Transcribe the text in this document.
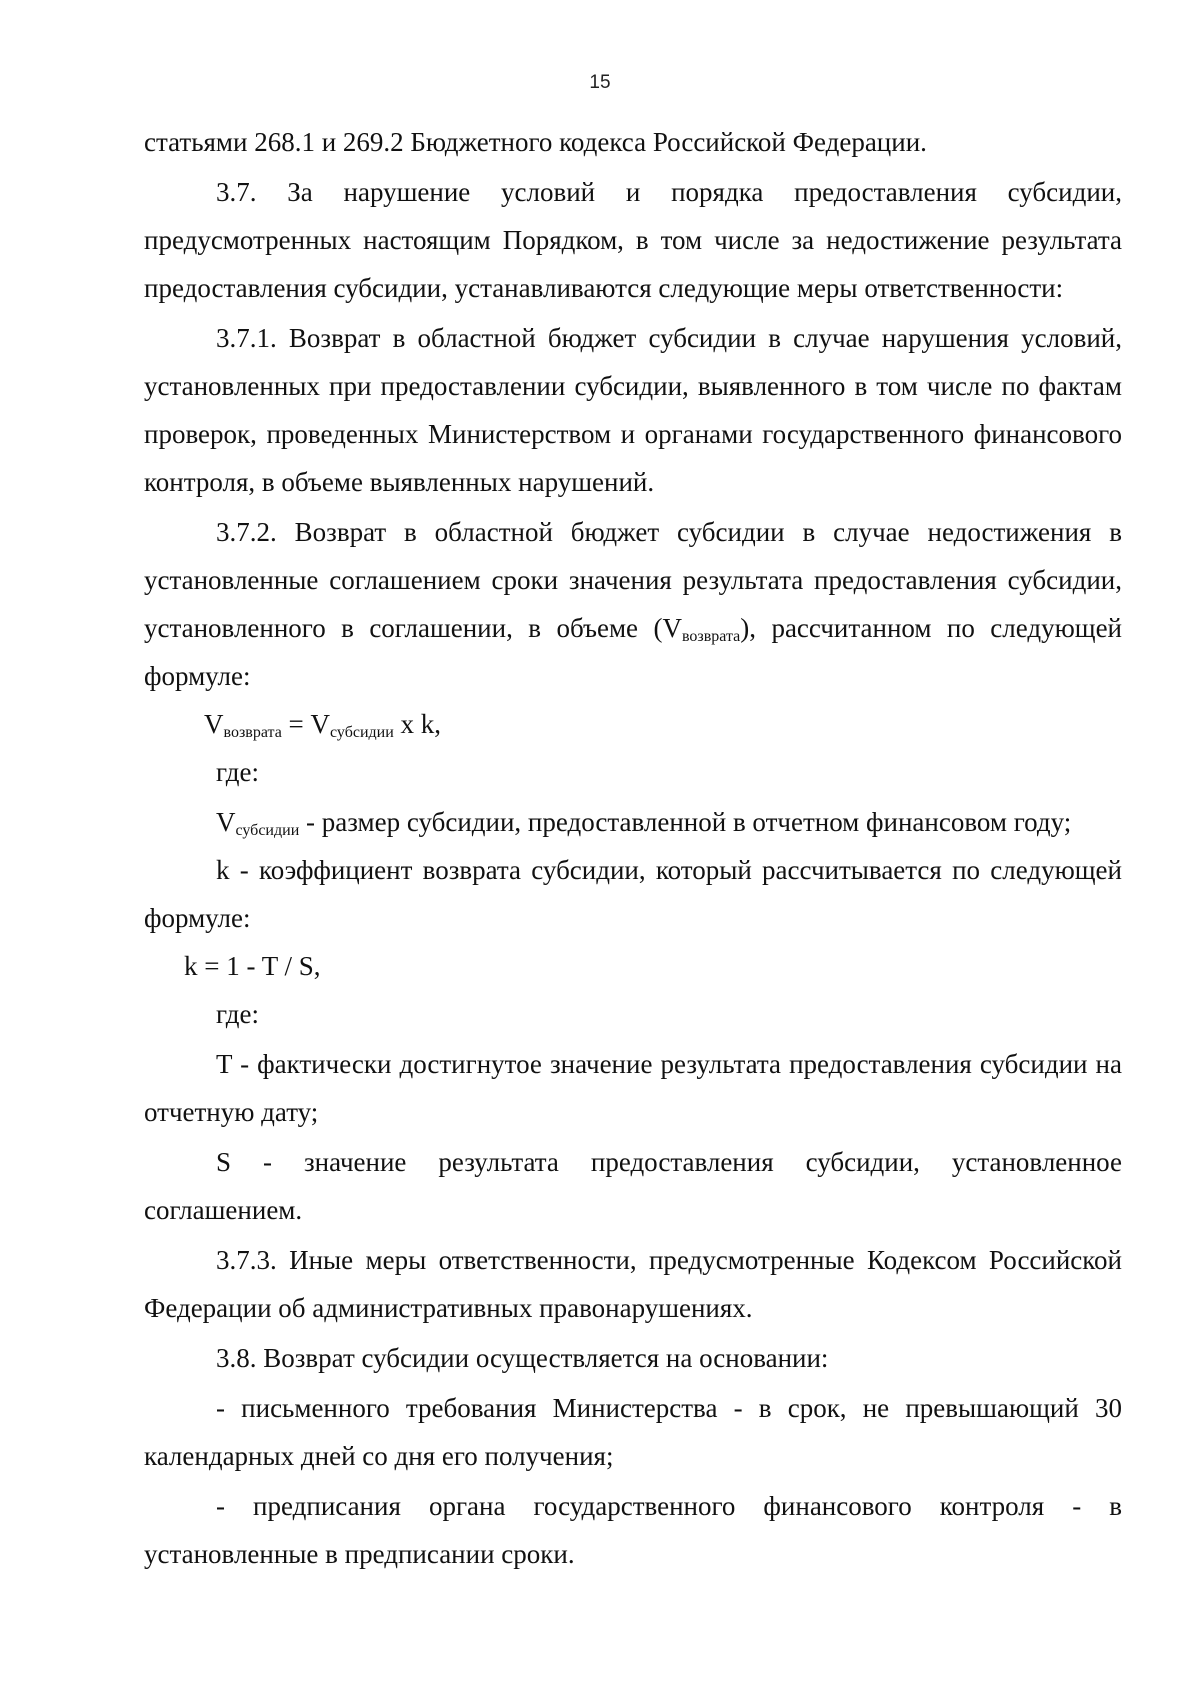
15

статьями 268.1 и 269.2 Бюджетного кодекса Российской Федерации.

3.7. За нарушение условий и порядка предоставления субсидии, предусмотренных настоящим Порядком, в том числе за недостижение результата предоставления субсидии, устанавливаются следующие меры ответственности:

3.7.1. Возврат в областной бюджет субсидии в случае нарушения условий, установленных при предоставлении субсидии, выявленного в том числе по фактам проверок, проведенных Министерством и органами государственного финансового контроля, в объеме выявленных нарушений.

3.7.2. Возврат в областной бюджет субсидии в случае недостижения в установленные соглашением сроки значения результата предоставления субсидии, установленного в соглашении, в объеме $(V_{возврата})$, рассчитанном по следующей формуле:

$V_{возврата} = V_{субсидии}$ x k,

где:

$V_{субсидии}$ - размер субсидии, предоставленной в отчетном финансовом году;

k - коэффициент возврата субсидии, который рассчитывается по следующей формуле:

k = 1 - T / S,

где:

T - фактически достигнутое значение результата предоставления субсидии на отчетную дату;

S - значение результата предоставления субсидии, установленное соглашением.

3.7.3. Иные меры ответственности, предусмотренные Кодексом Российской Федерации об административных правонарушениях.

3.8. Возврат субсидии осуществляется на основании:

- письменного требования Министерства - в срок, не превышающий 30 календарных дней со дня его получения;

- предписания органа государственного финансового контроля - в установленные в предписании сроки.
